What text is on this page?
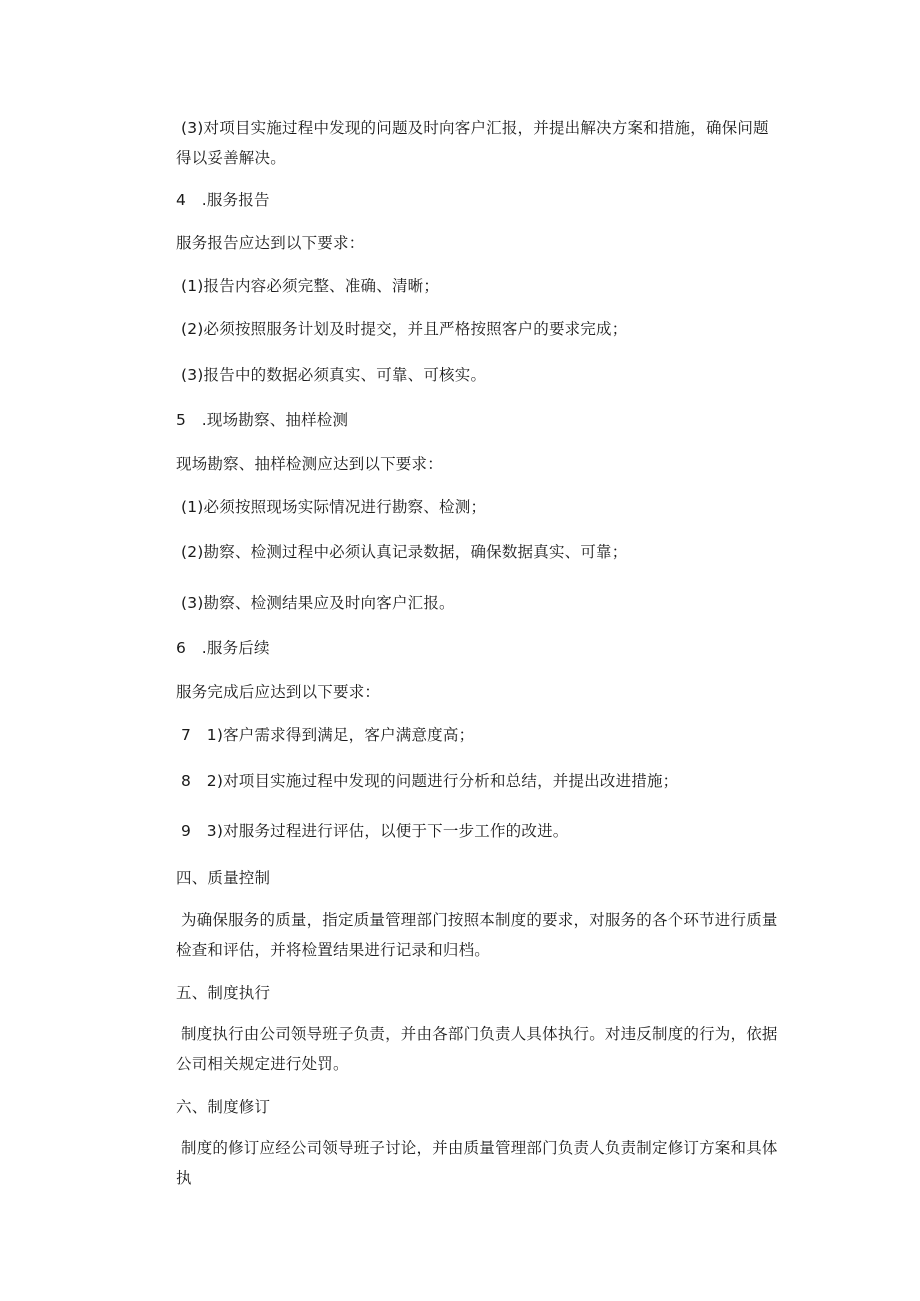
(3)对项目实施过程中发现的问题及时向客户汇报，并提出解决方案和措施，确保问题得以妥善解决。

4 .服务报告

服务报告应达到以下要求：

(1)报告内容必须完整、准确、清晰；

(2)必须按照服务计划及时提交，并且严格按照客户的要求完成；

(3)报告中的数据必须真实、可靠、可核实。

5 .现场勘察、抽样检测

现场勘察、抽样检测应达到以下要求：

(1)必须按照现场实际情况进行勘察、检测；

(2)勘察、检测过程中必须认真记录数据，确保数据真实、可靠；

(3)勘察、检测结果应及时向客户汇报。

6 .服务后续

服务完成后应达到以下要求：

7 1)客户需求得到满足，客户满意度高；

8 2)对项目实施过程中发现的问题进行分析和总结，并提出改进措施；

9 3)对服务过程进行评估，以便于下一步工作的改进。

四、质量控制

为确保服务的质量，指定质量管理部门按照本制度的要求，对服务的各个环节进行质量检查和评估，并将检置结果进行记录和归档。

五、制度执行

制度执行由公司领导班子负责，并由各部门负责人具体执行。对违反制度的行为，依据公司相关规定进行处罚。

六、制度修订

制度的修订应经公司领导班子讨论，并由质量管理部门负责人负责制定修订方案和具体执
